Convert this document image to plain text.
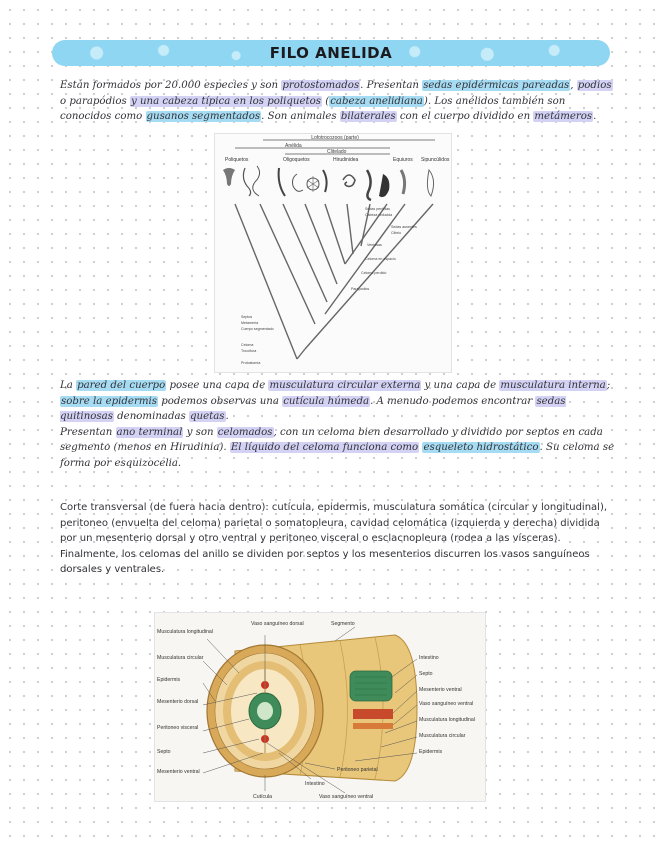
FILO ANELIDA
Están formados por 20.000 especies y son protostomados. Presentan sedas epidérmicas pareadas, podios o parapódios y una cabeza típica en los poliquetos (cabeza anelidiana). Los anélidos también son conocidos como gusanos segmentados. Son animales bilaterales con el cuerpo dividido en metámeros.
Lofotrocozoos (parte)
Anélida
Clitelado
Poliquetos	Oligoquetos	Hirudinidea	Equiuros Sipuncúlidos
Sedas perdidas
Cabeza reducida
Sedas ausentes
Clitelo
Ventosas
Celoma en espacio
Celoma perdido
Parapodios
Septos
Metamería
Cuerpo segmentado
Celoma
Trocófora
Protostomía
La pared del cuerpo posee una capa de musculatura circular externa y una capa de musculatura interna; sobre la epidermis podemos observas una cutícula húmeda. A menudo podemos encontrar sedas quitinosas denominadas quetas.
Presentan ano terminal y son celomados, con un celoma bien desarrollado y dividido por septos en cada segmento (menos en Hirudinia). El líquido del celoma funciona como esqueleto hidrostático. Su celoma se forma por esquizocelia.
Corte transversal (de fuera hacia dentro): cutícula, epidermis, musculatura somática (circular y longitudinal), peritoneo (envuelta del celoma) parietal o somatopleura, cavidad celomática (izquierda y derecha) dividida por un mesenterio dorsal y otro ventral y peritoneo visceral o esclacnopleura (rodea a las vísceras). Finalmente, los celomas del anillo se dividen por septos y los mesenterios discurren los vasos sanguíneos dorsales y ventrales.
Musculatura longitudinal
Musculatura circular
Epidermis
Mesenterio dorsal
Peritoneo visceral
Septo
Mesenterio ventral
Vaso sanguíneo dorsal	Segmento
Intestino
Septo
Mesenterio ventral
Vaso sanguíneo ventral
Musculatura longitudinal
Musculatura circular
Epidermis
Peritoneo parietal
Cutícula
Intestino
Vaso sanguíneo ventral
